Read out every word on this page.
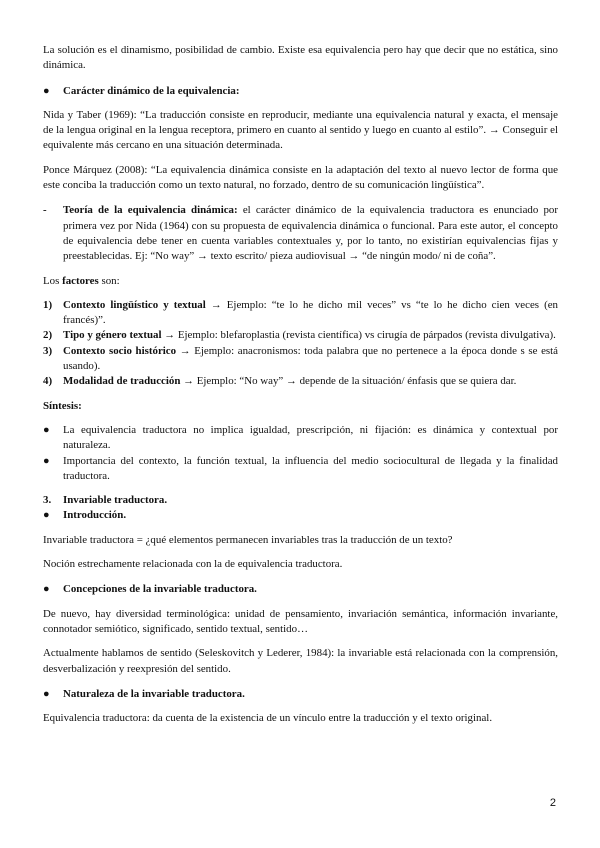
La solución es el dinamismo, posibilidad de cambio. Existe esa equivalencia pero hay que decir que no estática, sino dinámica.

●	Carácter dinámico de la equivalencia:

Nida y Taber (1969): “La traducción consiste en reproducir, mediante una equivalencia natural y exacta, el mensaje de la lengua original en la lengua receptora, primero en cuanto al sentido y luego en cuanto al estilo”. → Conseguir el equivalente más cercano en una situación determinada.

Ponce Márquez (2008): “La equivalencia dinámica consiste en la adaptación del texto al nuevo lector de forma que este conciba la traducción como un texto natural, no forzado, dentro de su comunicación lingüística”.

-	Teoría de la equivalencia dinámica: el carácter dinámico de la equivalencia traductora es enunciado por primera vez por Nida (1964) con su propuesta de equivalencia dinámica o funcional. Para este autor, el concepto de equivalencia debe tener en cuenta variables contextuales y, por lo tanto, no existirían equivalencias fijas y preestablecidas. Ej: “No way” → texto escrito/ pieza audiovisual → “de ningún modo/ ni de coña”.

Los factores son:

1)	Contexto lingüístico y textual → Ejemplo: “te lo he dicho mil veces” vs “te lo he dicho cien veces (en francés)”.
2)	Tipo y género textual → Ejemplo: blefaroplastia (revista científica) vs cirugía de párpados (revista divulgativa).
3)	Contexto socio histórico → Ejemplo: anacronismos: toda palabra que no pertenece a la época donde s se está usando).
4)	Modalidad de traducción → Ejemplo: “No way” → depende de la situación/ énfasis que se quiera dar.

Síntesis:

●	La equivalencia traductora no implica igualdad, prescripción, ni fijación: es dinámica y contextual por naturaleza.
●	Importancia del contexto, la función textual, la influencia del medio sociocultural de llegada y la finalidad traductora.
3.	Invariable traductora.
●	Introducción.

Invariable traductora = ¿qué elementos permanecen invariables tras la traducción de un texto?

Noción estrechamente relacionada con la de equivalencia traductora.

●	Concepciones de la invariable traductora.

De nuevo, hay diversidad terminológica: unidad de pensamiento, invariación semántica, información invariante, connotador semiótico, significado, sentido textual, sentido…

Actualmente hablamos de sentido (Seleskovitch y Lederer, 1984): la invariable está relacionada con la comprensión, desverbalización y reexpresión del sentido.

●	Naturaleza de la invariable traductora.

Equivalencia traductora: da cuenta de la existencia de un vínculo entre la traducción y el texto original.

2
